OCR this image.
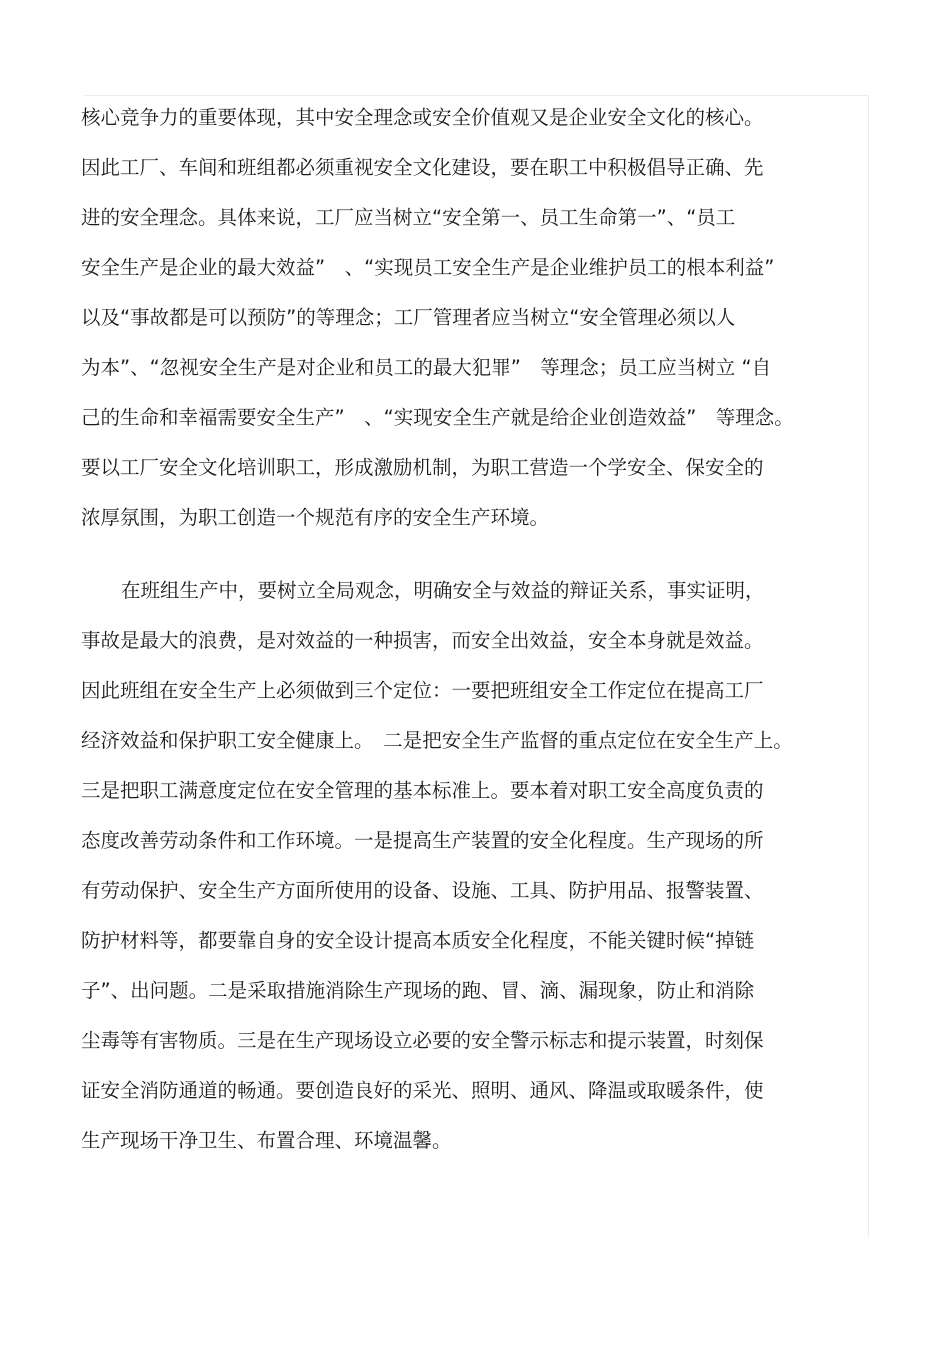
核心竞争力的重要体现，其中安全理念或安全价值观又是企业安全文化的核心。
因此工厂、车间和班组都必须重视安全文化建设，要在职工中积极倡导正确、先
进的安全理念。具体来说，工厂应当树立“安全第一、员工生命第一”、“员工
安全生产是企业的最大效益”　、“实现员工安全生产是企业维护员工的根本利益”
以及“事故都是可以预防”的等理念；工厂管理者应当树立“安全管理必须以人
为本”、“忽视安全生产是对企业和员工的最大犯罪”　等理念；员工应当树立 “自
己的生命和幸福需要安全生产”　、“实现安全生产就是给企业创造效益”　等理念。
要以工厂安全文化培训职工，形成激励机制，为职工营造一个学安全、保安全的
浓厚氛围，为职工创造一个规范有序的安全生产环境。
在班组生产中，要树立全局观念，明确安全与效益的辩证关系，事实证明，
事故是最大的浪费，是对效益的一种损害，而安全出效益，安全本身就是效益。
因此班组在安全生产上必须做到三个定位：一要把班组安全工作定位在提高工厂
经济效益和保护职工安全健康上。　二是把安全生产监督的重点定位在安全生产上。
三是把职工满意度定位在安全管理的基本标准上。要本着对职工安全高度负责的
态度改善劳动条件和工作环境。一是提高生产装置的安全化程度。生产现场的所
有劳动保护、安全生产方面所使用的设备、设施、工具、防护用品、报警装置、
防护材料等，都要靠自身的安全设计提高本质安全化程度，不能关键时候“掉链
子”、出问题。二是采取措施消除生产现场的跑、冒、滴、漏现象，防止和消除
尘毒等有害物质。三是在生产现场设立必要的安全警示标志和提示装置，时刻保
证安全消防通道的畅通。要创造良好的采光、照明、通风、降温或取暖条件，使
生产现场干净卫生、布置合理、环境温馨。
